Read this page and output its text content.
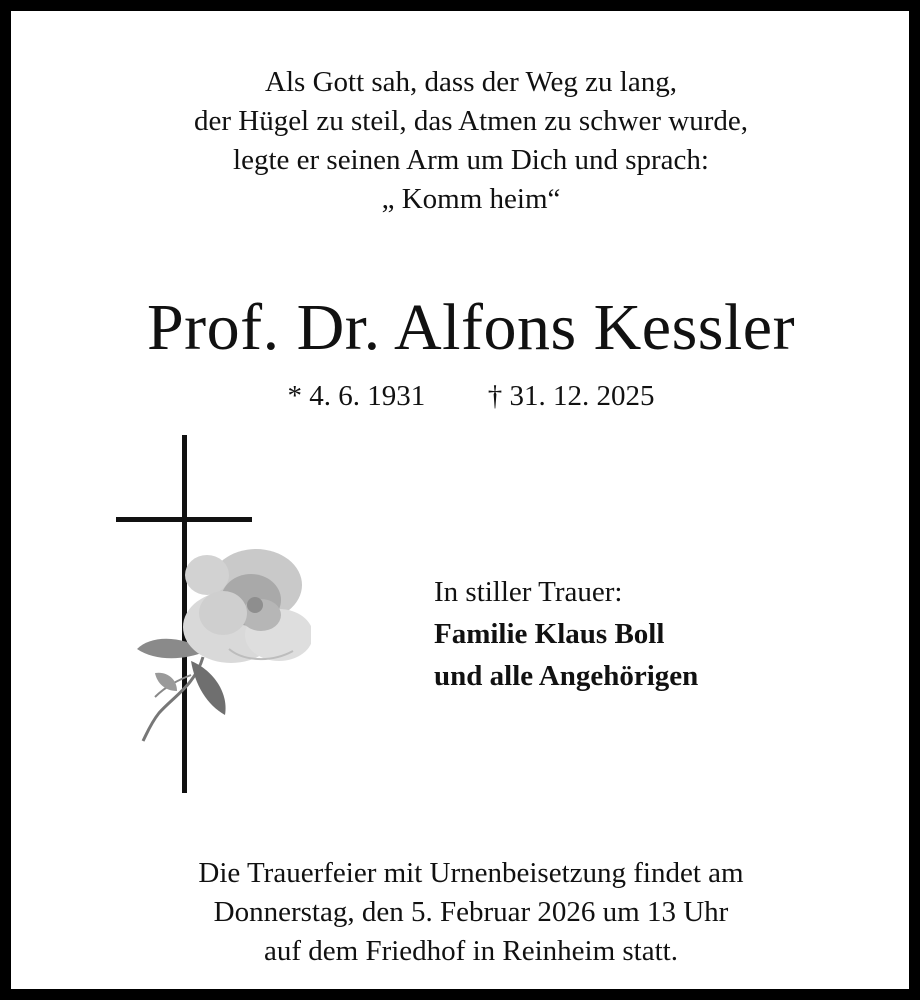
Als Gott sah, dass der Weg zu lang,
der Hügel zu steil, das Atmen zu schwer wurde,
legte er seinen Arm um Dich und sprach:
„ Komm heim“
Prof. Dr. Alfons Kessler
* 4. 6. 1931 † 31. 12. 2025
In stiller Trauer:
Familie Klaus Boll
und alle Angehörigen
Die Trauerfeier mit Urnenbeisetzung findet am
Donnerstag, den 5. Februar 2026 um 13 Uhr
auf dem Friedhof in Reinheim statt.
